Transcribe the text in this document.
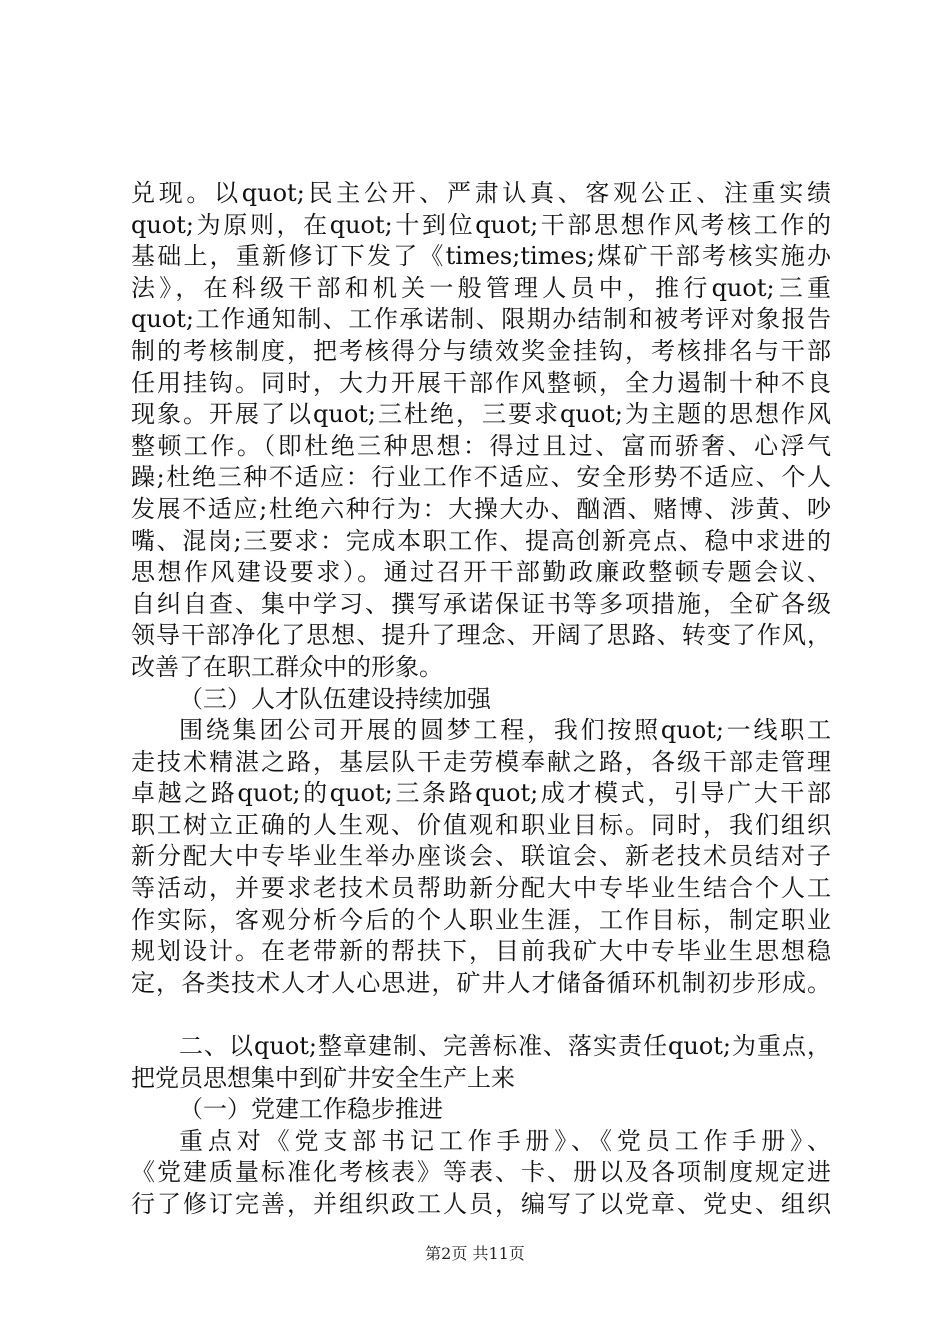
兑现。以quot;民主公开、严肃认真、客观公正、注重实绩
quot;为原则，在quot;十到位quot;干部思想作风考核工作的
基础上，重新修订下发了《times;times;煤矿干部考核实施办
法》，在科级干部和机关一般管理人员中，推行quot;三重
quot;工作通知制、工作承诺制、限期办结制和被考评对象报告
制的考核制度，把考核得分与绩效奖金挂钩，考核排名与干部
任用挂钩。同时，大力开展干部作风整顿，全力遏制十种不良
现象。开展了以quot;三杜绝，三要求quot;为主题的思想作风
整顿工作。（即杜绝三种思想：得过且过、富而骄奢、心浮气
躁;杜绝三种不适应：行业工作不适应、安全形势不适应、个人
发展不适应;杜绝六种行为：大操大办、酗酒、赌博、涉黄、吵
嘴、混岗;三要求：完成本职工作、提高创新亮点、稳中求进的
思想作风建设要求）。通过召开干部勤政廉政整顿专题会议、
自纠自查、集中学习、撰写承诺保证书等多项措施，全矿各级
领导干部净化了思想、提升了理念、开阔了思路、转变了作风，
改善了在职工群众中的形象。
（三）人才队伍建设持续加强
围绕集团公司开展的圆梦工程，我们按照quot;一线职工
走技术精湛之路，基层队干走劳模奉献之路，各级干部走管理
卓越之路quot;的quot;三条路quot;成才模式，引导广大干部
职工树立正确的人生观、价值观和职业目标。同时，我们组织
新分配大中专毕业生举办座谈会、联谊会、新老技术员结对子
等活动，并要求老技术员帮助新分配大中专毕业生结合个人工
作实际，客观分析今后的个人职业生涯，工作目标，制定职业
规划设计。在老带新的帮扶下，目前我矿大中专毕业生思想稳
定，各类技术人才人心思进，矿井人才储备循环机制初步形成。
二、以quot;整章建制、完善标准、落实责任quot;为重点，
把党员思想集中到矿井安全生产上来
（一）党建工作稳步推进
重点对《党支部书记工作手册》、《党员工作手册》、
《党建质量标准化考核表》等表、卡、册以及各项制度规定进
行了修订完善，并组织政工人员，编写了以党章、党史、组织
第2页 共11页
